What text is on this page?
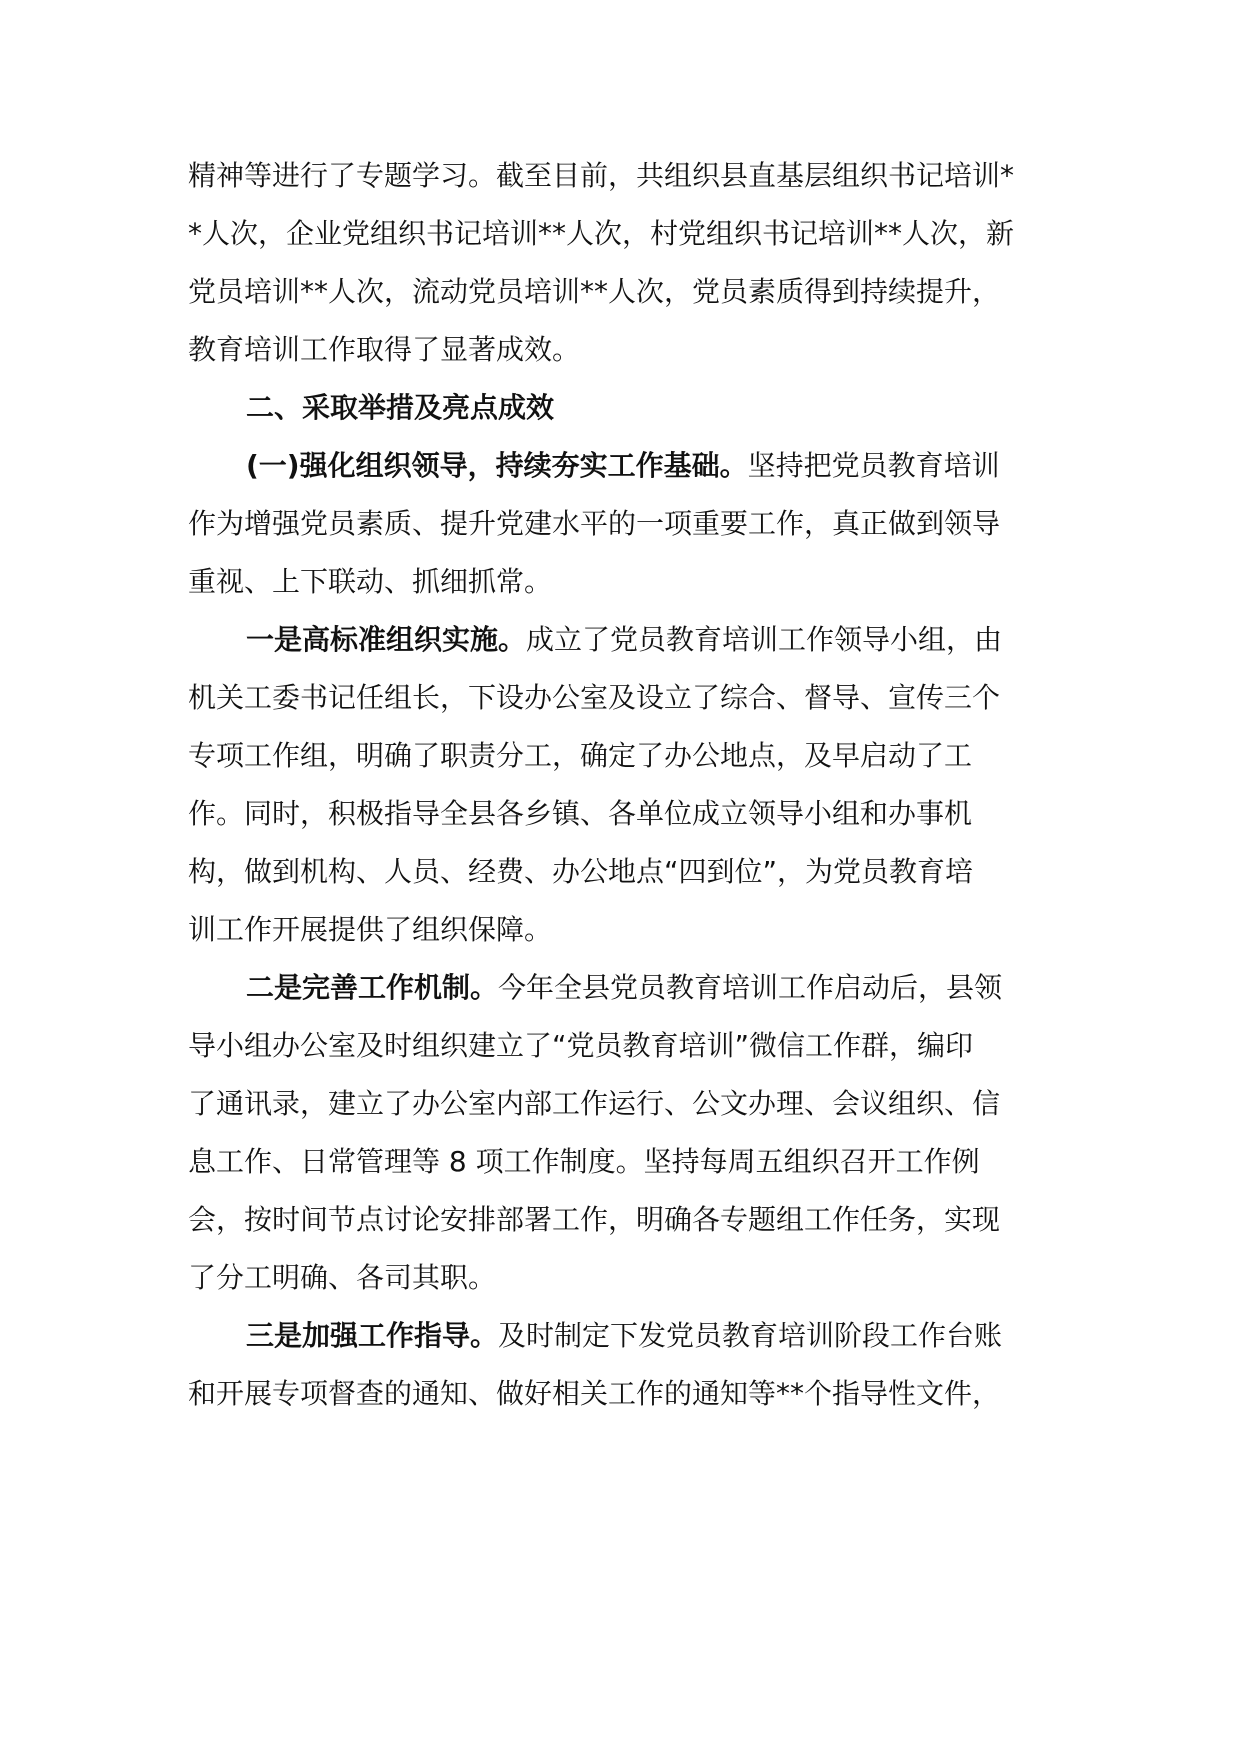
精神等进行了专题学习。截至目前，共组织县直基层组织书记培训*

*人次，企业党组织书记培训**人次，村党组织书记培训**人次，新

党员培训**人次，流动党员培训**人次，党员素质得到持续提升，

教育培训工作取得了显著成效。

二、采取举措及亮点成效

(一)强化组织领导，持续夯实工作基础。坚持把党员教育培训

作为增强党员素质、提升党建水平的一项重要工作，真正做到领导

重视、上下联动、抓细抓常。

一是高标准组织实施。成立了党员教育培训工作领导小组，由

机关工委书记任组长，下设办公室及设立了综合、督导、宣传三个

专项工作组，明确了职责分工，确定了办公地点，及早启动了工

作。同时，积极指导全县各乡镇、各单位成立领导小组和办事机

构，做到机构、人员、经费、办公地点“四到位”，为党员教育培

训工作开展提供了组织保障。

二是完善工作机制。今年全县党员教育培训工作启动后，县领

导小组办公室及时组织建立了“党员教育培训”微信工作群，编印

了通讯录，建立了办公室内部工作运行、公文办理、会议组织、信

息工作、日常管理等 8 项工作制度。坚持每周五组织召开工作例

会，按时间节点讨论安排部署工作，明确各专题组工作任务，实现

了分工明确、各司其职。

三是加强工作指导。及时制定下发党员教育培训阶段工作台账

和开展专项督查的通知、做好相关工作的通知等**个指导性文件，
